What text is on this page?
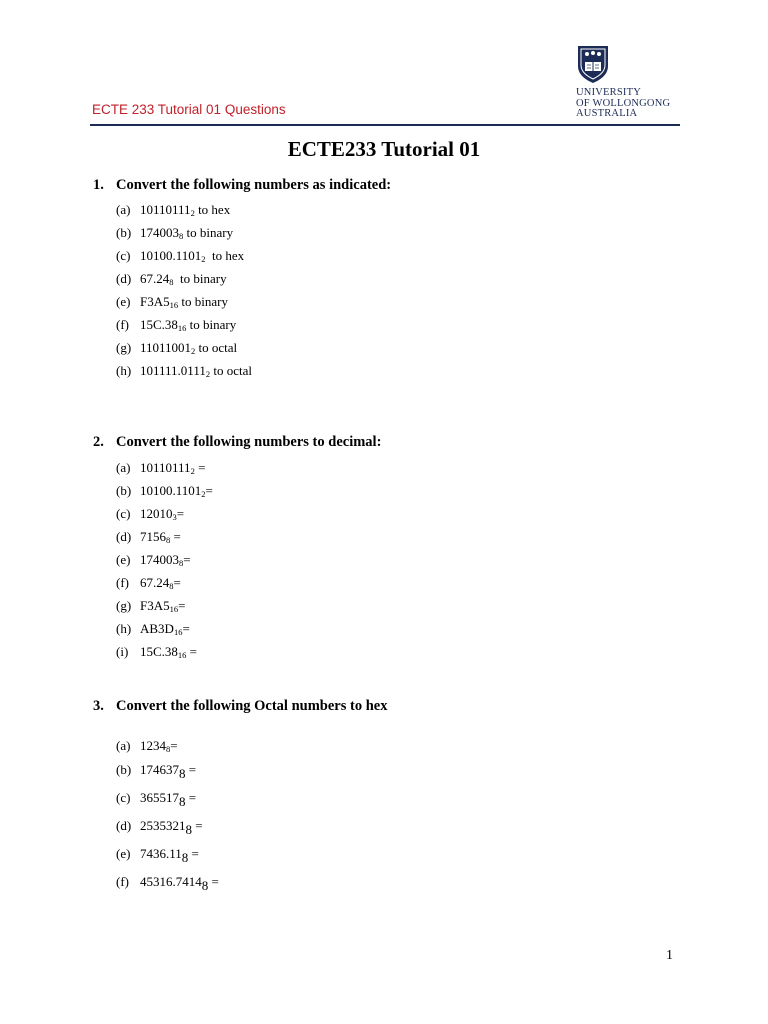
ECTE 233 Tutorial 01 Questions
UNIVERSITY
OF WOLLONGONG
AUSTRALIA
ECTE233 Tutorial 01
1. Convert the following numbers as indicated:
(a) 101101112 to hex
(b) 1740038 to binary
(c) 10100.11012  to hex
(d) 67.248  to binary
(e) F3A516 to binary
(f) 15C.3816 to binary
(g) 110110012 to octal
(h) 101111.01112 to octal
2. Convert the following numbers to decimal:
(a) 101101112 =
(b) 10100.11012=
(c) 120103=
(d) 71568 =
(e) 1740038=
(f) 67.248=
(g) F3A516=
(h) AB3D16=
(i) 15C.3816 =
3. Convert the following Octal numbers to hex
(a) 12348=
(b) 1746378 =
(c) 3655178 =
(d) 25353218 =
(e) 7436.118 =
(f) 45316.74148 =
1
